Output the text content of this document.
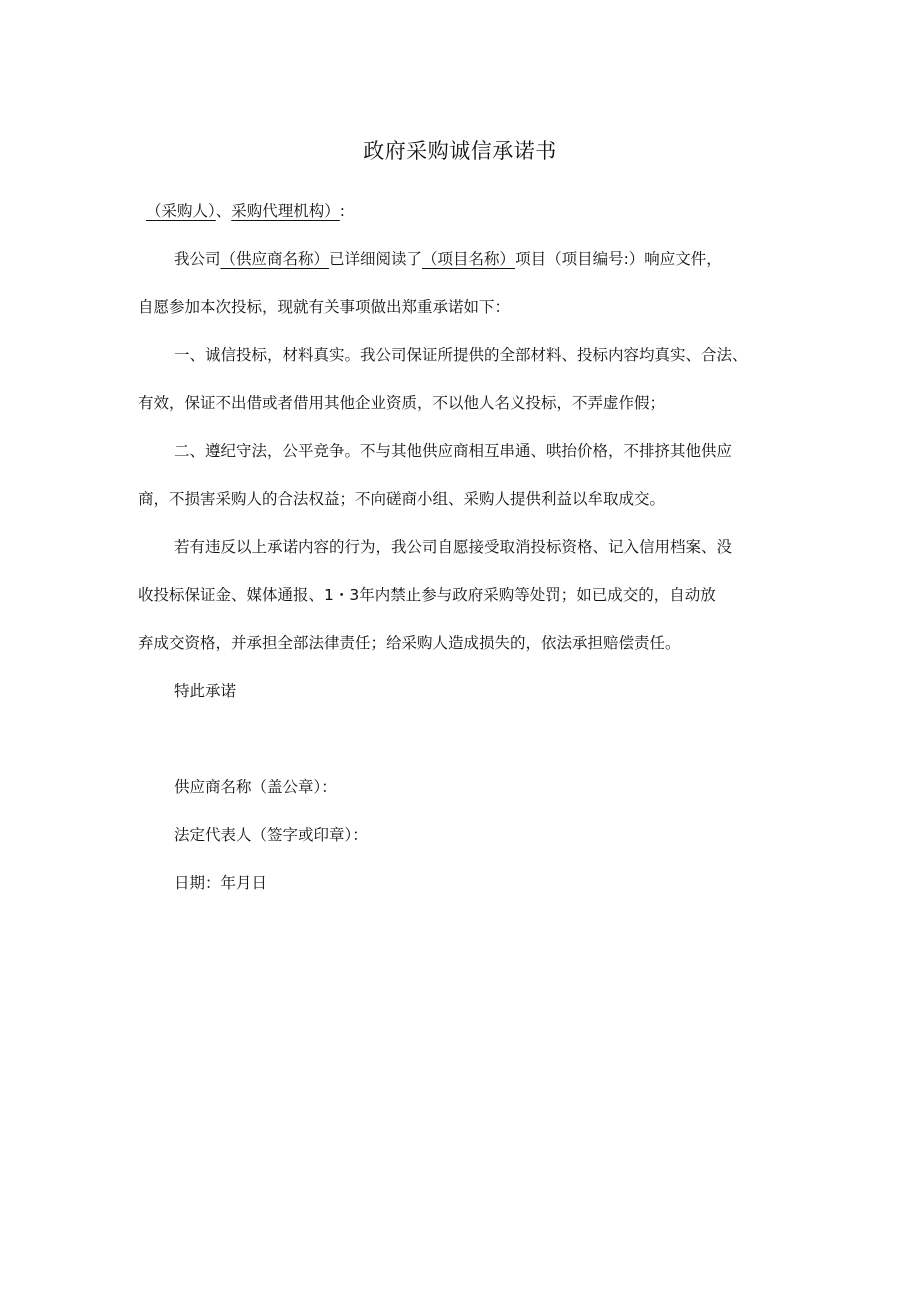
政府采购诚信承诺书
（采购人）、采购代理机构）:
我公司（供应商名称）已详细阅读了（项目名称）项目（项目编号:）响应文件，
自愿参加本次投标，现就有关事项做出郑重承诺如下：
一、诚信投标，材料真实。我公司保证所提供的全部材料、投标内容均真实、合法、
有效，保证不出借或者借用其他企业资质，不以他人名义投标，不弄虚作假；
二、遵纪守法，公平竞争。不与其他供应商相互串通、哄抬价格，不排挤其他供应
商，不损害采购人的合法权益；不向磋商小组、采购人提供利益以牟取成交。
若有违反以上承诺内容的行为，我公司自愿接受取消投标资格、记入信用档案、没
收投标保证金、媒体通报、1・3年内禁止参与政府采购等处罚；如已成交的，自动放
弃成交资格，并承担全部法律责任；给采购人造成损失的，依法承担赔偿责任。
特此承诺
供应商名称（盖公章）：
法定代表人（签字或印章）：
日期：年月日
